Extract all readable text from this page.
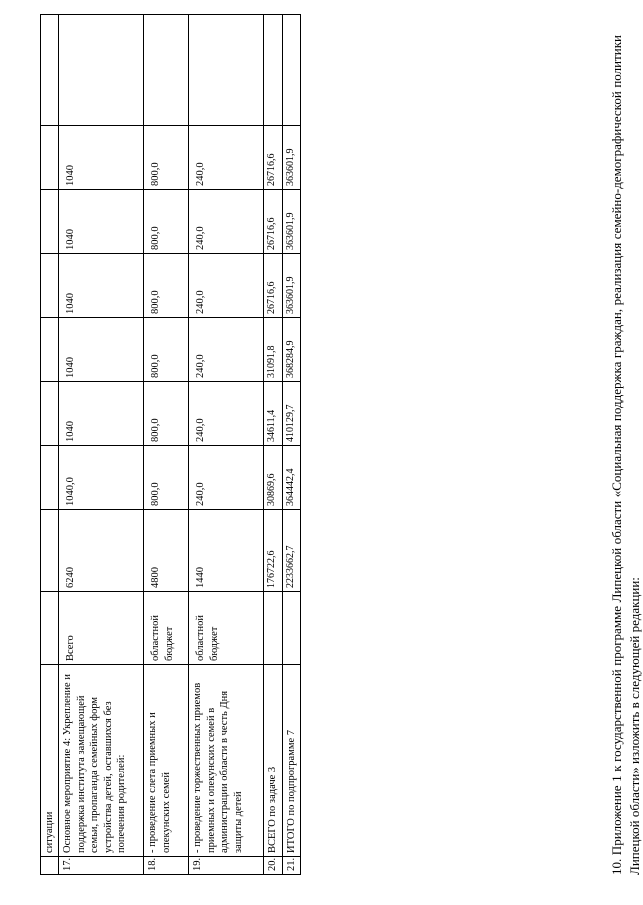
	ситуации									
17.	Основное мероприятие 4: Укрепление и поддержка института замещающей семьи, пропаганда семейных форм устройства детей, оставшихся без попечения родителей:	Всего	6240	1040,0	1040	1040	1040	1040	1040	
18.	- проведение слета приемных и опекунских семей	областной бюджет	4800	800,0	800,0	800,0	800,0	800,0	800,0	
19.	- проведение торжественных приемов приемных и опекунских семей в администрации области в честь Дня защиты детей	областной бюджет	1440	240,0	240,0	240,0	240,0	240,0	240,0	
20.	ВСЕГО по задаче 3		176722,6	30869,6	34611,4	31091,8	26716,6	26716,6	26716,6	
21.	ИТОГО по подпрограмме 7		2233662,7	364442,4	410129,7	368284,9	363601,9	363601,9	363601,9		10. Приложение 1 к государственной программе Липецкой области «Социальная поддержка граждан, реализация семейно-демографической политики Липецкой области» изложить в следующей редакции:
